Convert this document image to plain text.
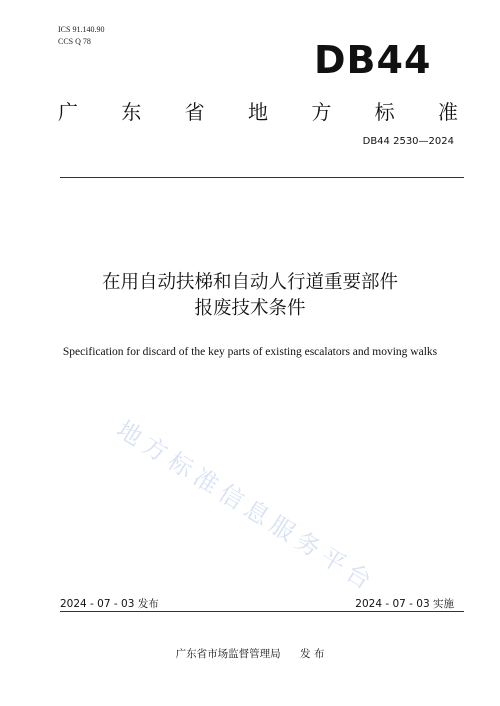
ICS 91.140.90
CCS Q 78	DB44
广 东 省 地 方 标 准
DB44 2530—2024
在用自动扶梯和自动人行道重要部件
报废技术条件
Specification for discard of the key parts of existing escalators and moving walks
地方标准信息服务平台
2024 - 07 - 03 发布	2024 - 07 - 03 实施
广东省市场监督管理局 发 布
